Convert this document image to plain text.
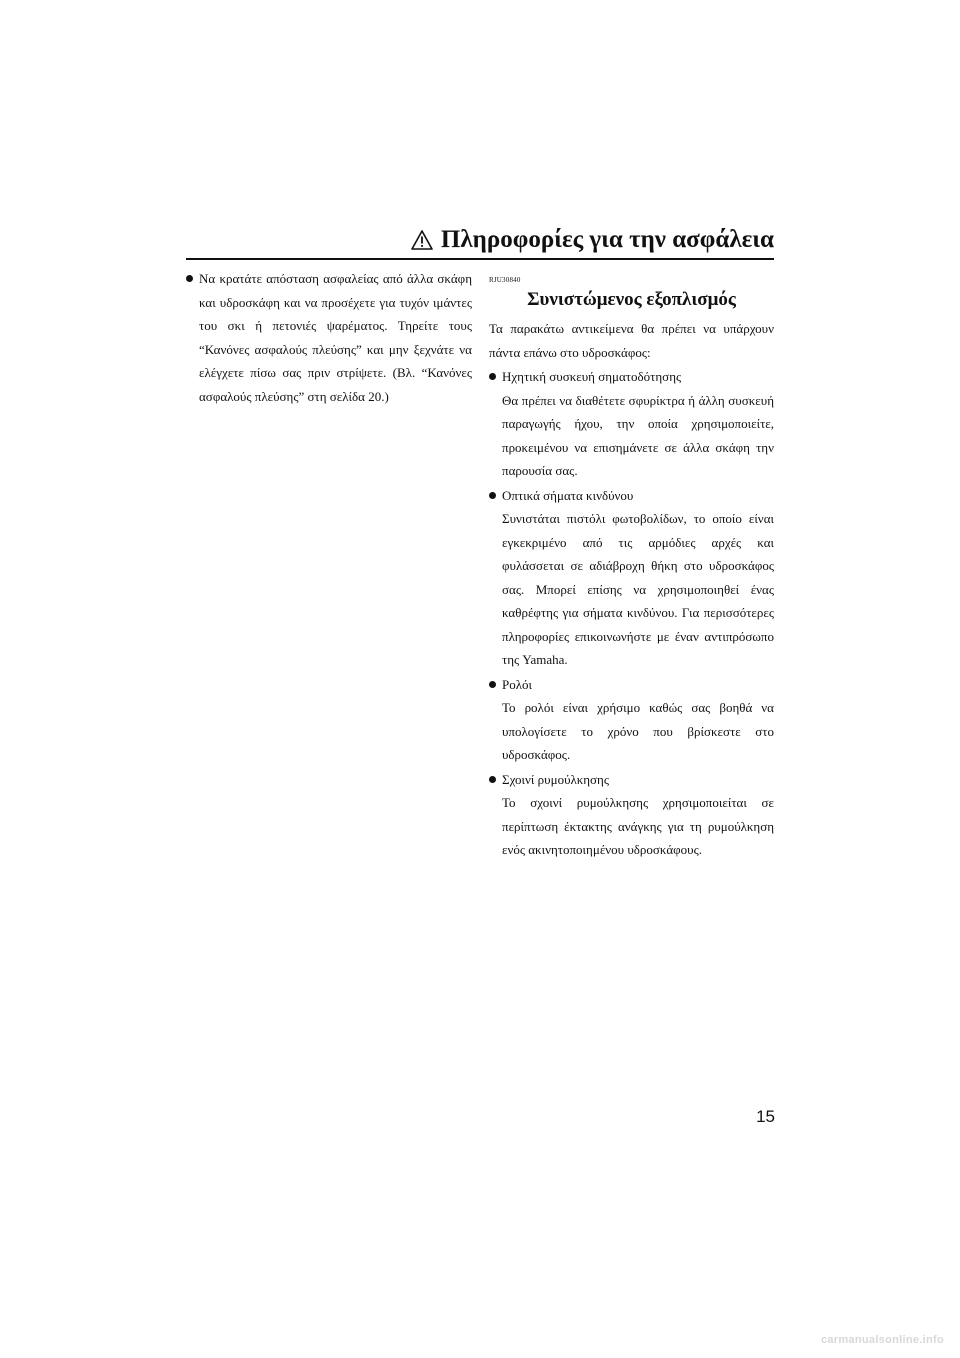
Πληροφορίες για την ασφάλεια
Να κρατάτε απόσταση ασφαλείας από άλλα σκάφη και υδροσκάφη και να προσέχετε για τυχόν ιμάντες του σκι ή πετονιές ψαρέματος. Τηρείτε τους “Κανόνες ασφαλούς πλεύσης” και μην ξεχνάτε να ελέγχετε πίσω σας πριν στρίψετε. (Βλ. “Κανόνες ασφαλούς πλεύσης” στη σελίδα 20.)
RJU30840
Συνιστώμενος εξοπλισμός
Τα παρακάτω αντικείμενα θα πρέπει να υπάρχουν πάντα επάνω στο υδροσκάφος:
Ηχητική συσκευή σηματοδότησης
Θα πρέπει να διαθέτετε σφυρίκτρα ή άλλη συσκευή παραγωγής ήχου, την οποία χρησιμοποιείτε, προκειμένου να επισημάνετε σε άλλα σκάφη την παρουσία σας.
Οπτικά σήματα κινδύνου
Συνιστάται πιστόλι φωτοβολίδων, το οποίο είναι εγκεκριμένο από τις αρμόδιες αρχές και φυλάσσεται σε αδιάβροχη θήκη στο υδροσκάφος σας. Μπορεί επίσης να χρησιμοποιηθεί ένας καθρέφτης για σήματα κινδύνου. Για περισσότερες πληροφορίες επικοινωνήστε με έναν αντιπρόσωπο της Yamaha.
Ρολόι
Το ρολόι είναι χρήσιμο καθώς σας βοηθά να υπολογίσετε το χρόνο που βρίσκεστε στο υδροσκάφος.
Σχοινί ρυμούλκησης
Το σχοινί ρυμούλκησης χρησιμοποιείται σε περίπτωση έκτακτης ανάγκης για τη ρυμούλκηση ενός ακινητοποιημένου υδροσκάφους.
15
carmanualsonline.info
